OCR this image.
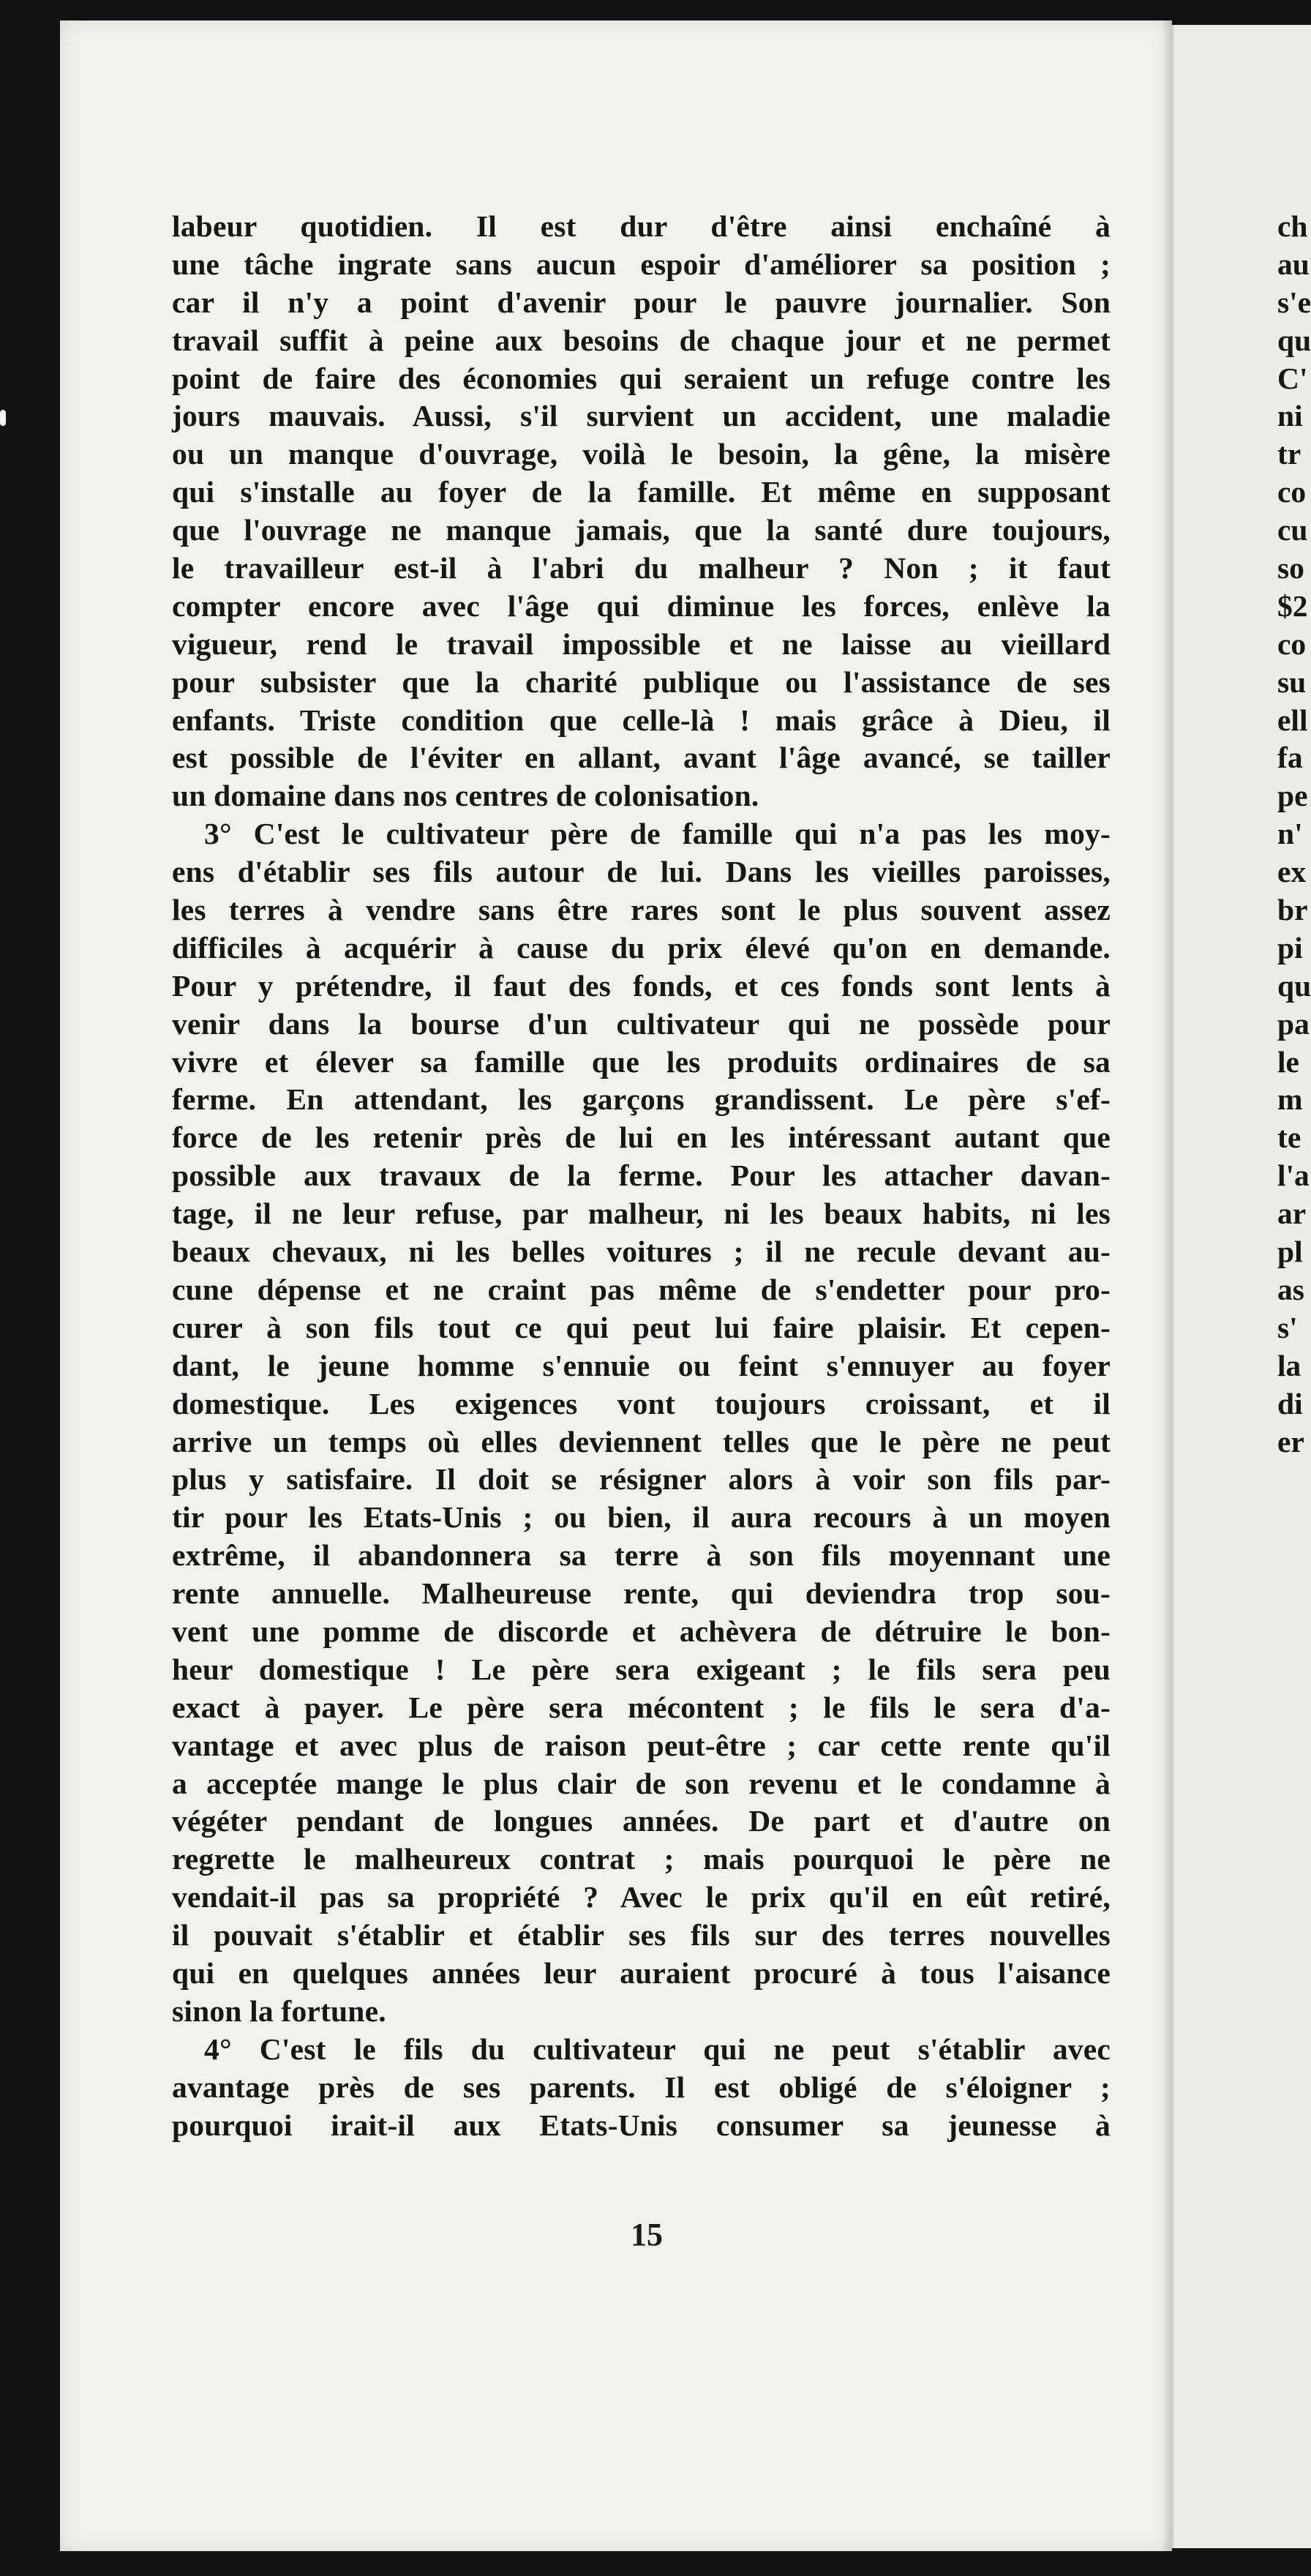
labeur quotidien. Il est dur d'être ainsi enchaîné à
une tâche ingrate sans aucun espoir d'améliorer sa position ;
car il n'y a point d'avenir pour le pauvre journalier. Son
travail suffit à peine aux besoins de chaque jour et ne permet
point de faire des économies qui seraient un refuge contre les
jours mauvais. Aussi, s'il survient un accident, une maladie
ou un manque d'ouvrage, voilà le besoin, la gêne, la misère
qui s'installe au foyer de la famille. Et même en supposant
que l'ouvrage ne manque jamais, que la santé dure toujours,
le travailleur est-il à l'abri du malheur ? Non ; it faut
compter encore avec l'âge qui diminue les forces, enlève la
vigueur, rend le travail impossible et ne laisse au vieillard
pour subsister que la charité publique ou l'assistance de ses
enfants. Triste condition que celle-là ! mais grâce à Dieu, il
est possible de l'éviter en allant, avant l'âge avancé, se tailler
un domaine dans nos centres de colonisation.
3° C'est le cultivateur père de famille qui n'a pas les moy-
ens d'établir ses fils autour de lui. Dans les vieilles paroisses,
les terres à vendre sans être rares sont le plus souvent assez
difficiles à acquérir à cause du prix élevé qu'on en demande.
Pour y prétendre, il faut des fonds, et ces fonds sont lents à
venir dans la bourse d'un cultivateur qui ne possède pour
vivre et élever sa famille que les produits ordinaires de sa
ferme. En attendant, les garçons grandissent. Le père s'ef-
force de les retenir près de lui en les intéressant autant que
possible aux travaux de la ferme. Pour les attacher davan-
tage, il ne leur refuse, par malheur, ni les beaux habits, ni les
beaux chevaux, ni les belles voitures ; il ne recule devant au-
cune dépense et ne craint pas même de s'endetter pour pro-
curer à son fils tout ce qui peut lui faire plaisir. Et cepen-
dant, le jeune homme s'ennuie ou feint s'ennuyer au foyer
domestique. Les exigences vont toujours croissant, et il
arrive un temps où elles deviennent telles que le père ne peut
plus y satisfaire. Il doit se résigner alors à voir son fils par-
tir pour les Etats-Unis ; ou bien, il aura recours à un moyen
extrême, il abandonnera sa terre à son fils moyennant une
rente annuelle. Malheureuse rente, qui deviendra trop sou-
vent une pomme de discorde et achèvera de détruire le bon-
heur domestique ! Le père sera exigeant ; le fils sera peu
exact à payer. Le père sera mécontent ; le fils le sera d'a-
vantage et avec plus de raison peut-être ; car cette rente qu'il
a acceptée mange le plus clair de son revenu et le condamne à
végéter pendant de longues années. De part et d'autre on
regrette le malheureux contrat ; mais pourquoi le père ne
vendait-il pas sa propriété ? Avec le prix qu'il en eût retiré,
il pouvait s'établir et établir ses fils sur des terres nouvelles
qui en quelques années leur auraient procuré à tous l'aisance
sinon la fortune.
4° C'est le fils du cultivateur qui ne peut s'établir avec
avantage près de ses parents. Il est obligé de s'éloigner ;
pourquoi irait-il aux Etats-Unis consumer sa jeunesse à
ch
au
s'e
qu
C'
ni
tr
co
cu
so
$2
co
su
ell
fa
pe
n'
ex
br
pi
qu
pa
le
m
te
l'a
ar
pl
as
s'
la
di
er
15
